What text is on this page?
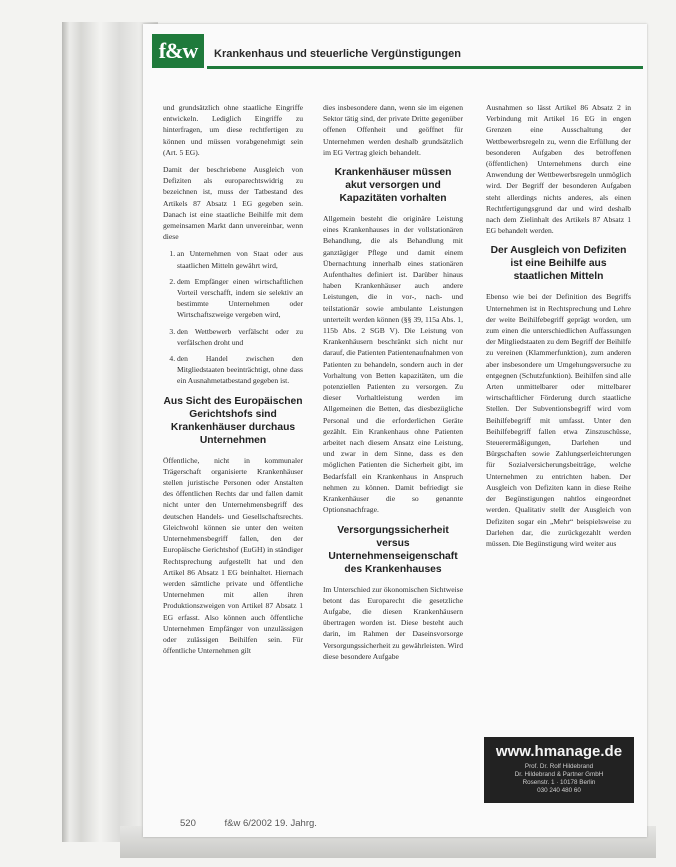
f&w	Krankenhaus und steuerliche Vergünstigungen

und grundsätzlich ohne staatliche Eingriffe entwickeln. Lediglich Eingriffe zu hinterfragen, um diese rechtfertigen zu können und müssen vorabgenehmigt sein (Art. 5 EG).

Damit der beschriebene Ausgleich von Defiziten als europarechtswidrig zu bezeichnen ist, muss der Tatbestand des Artikels 87 Absatz 1 EG gegeben sein. Danach ist eine staatliche Beihilfe mit dem gemeinsamen Markt dann unvereinbar, wenn diese

1. an Unternehmen von Staat oder aus staatlichen Mitteln gewährt wird,
2. dem Empfänger einen wirtschaftlichen Vorteil verschafft, indem sie selektiv an bestimmte Unternehmen oder Wirtschaftszweige vergeben wird,
3. den Wettbewerb verfälscht oder zu verfälschen droht und
4. den Handel zwischen den Mitgliedstaaten beeinträchtigt, ohne dass ein Ausnahmetatbestand gegeben ist.
Aus Sicht des Europäischen Gerichtshofs sind Krankenhäuser durchaus Unternehmen

Öffentliche, nicht in kommunaler Trägerschaft organisierte Krankenhäuser stellen juristische Personen oder Anstalten des öffentlichen Rechts dar und fallen damit nicht unter den Unternehmensbegriff des deutschen Handels- und Gesellschaftsrechts. Gleichwohl können sie unter den weiten Unternehmensbegriff fallen, den der Europäische Gerichtshof (EuGH) in ständiger Rechtsprechung aufgestellt hat und den Artikel 86 Absatz 1 EG beinhaltet. Hiernach werden sämtliche private und öffentliche Unternehmen mit allen ihren Produktionszweigen von Artikel 87 Absatz 1 EG erfasst. Also können auch öffentliche Unternehmen Empfänger von unzulässigen oder zulässigen Beihilfen sein. Für öffentliche Unternehmen gilt

dies insbesondere dann, wenn sie im eigenen Sektor tätig sind, der private Dritte gegenüber offenen Offenheit und geöffnet für Unternehmen werden deshalb grundsätzlich im EG Vertrag gleich behandelt.

Krankenhäuser müssen akut versorgen und Kapazitäten vorhalten

Allgemein besteht die originäre Leistung eines Krankenhauses in der vollstationären Behandlung, die als Behandlung mit ganztägiger Pflege und damit einem Übernachtung innerhalb eines stationären Aufenthaltes definiert ist. Darüber hinaus haben Krankenhäuser auch andere Leistungen, die in vor-, nach- und teilstationär sowie ambulante Leistungen unterteilt werden können (§§ 39, 115a Abs. 1, 115b Abs. 2 SGB V). Die Leistung von Krankenhäusern beschränkt sich nicht nur darauf, die Patienten Patientenaufnahmen von Patienten zu behandeln, sondern auch in der Vorhaltung von Betten kapazitäten, um die potenziellen Patienten zu versorgen. Zu dieser Vorhaltleistung werden im Allgemeinen die Betten, das diesbezügliche Personal und die erforderlichen Geräte gezählt. Ein Krankenhaus ohne Patienten arbeitet nach diesem Ansatz eine Leistung, und zwar in dem Sinne, dass es den möglichen Patienten die Sicherheit gibt, im Bedarfsfall ein Krankenhaus in Anspruch nehmen zu können. Damit befriedigt sie Krankenhäuser die so genannte Optionsnachfrage.

Versorgungssicherheit versus Unternehmenseigenschaft des Krankenhauses

Im Unterschied zur ökonomischen Sichtweise betont das Europarecht die gesetzliche Aufgabe, die diesen Krankenhäusern übertragen worden ist. Diese besteht auch darin, im Rahmen der Daseinsvorsorge Versorgungssicherheit zu gewährleisten. Wird diese besondere Aufgabe

Ausnahmen so lässt Artikel 86 Absatz 2 in Verbindung mit Artikel 16 EG in engen Grenzen eine Ausschaltung der Wettbewerbsregeln zu, wenn die Erfüllung der besonderen Aufgaben des betroffenen (öffentlichen) Unternehmens durch eine Anwendung der Wettbewerbsregeln unmöglich wird. Der Begriff der besonderen Aufgaben steht allerdings nichts anderes, als einen Rechtfertigungsgrund dar und wird deshalb nach dem Zielinhalt des Artikels 87 Absatz 1 EG behandelt werden.

Der Ausgleich von Defiziten ist eine Beihilfe aus staatlichen Mitteln

Ebenso wie bei der Definition des Begriffs Unternehmen ist in Rechtsprechung und Lehre der weite Beihilfebegriff geprägt worden, um zum einen die unterschiedlichen Auffassungen der Mitgliedstaaten zu dem Begriff der Beihilfe zu vereinen (Klammerfunktion), zum anderen aber insbesondere um Umgehungsversuche zu entgegnen (Schutzfunktion). Beihilfen sind alle Arten unmittelbarer oder mittelbarer wirtschaftlicher Förderung durch staatliche Stellen. Der Subventionsbegriff wird vom Beihilfebegriff mit umfasst. Unter den Beihilfebegriff fallen etwa Zinszuschüsse, Steuerermäßigungen, Darlehen und Bürgschaften sowie Zahlungserleichterungen für Sozialversicherungsbeiträge, welche Unternehmen zu entrichten haben. Der Ausgleich von Defiziten kann in diese Reihe der Begünstigungen nahtlos eingeordnet werden. Qualitativ stellt der Ausgleich von Defiziten sogar ein „Mehr“ beispielsweise zu Darlehen dar, die zurückgezahlt werden müssen. Die Begünstigung wird weiter aus

www.hmanage.de
Prof. Dr. Rolf Hildebrand
Dr. Hildebrand & Partner GmbH
Rosenstr. 1 · 10178 Berlin
030 240 480 60
520	f&w 6/2002 19. Jahrg.
